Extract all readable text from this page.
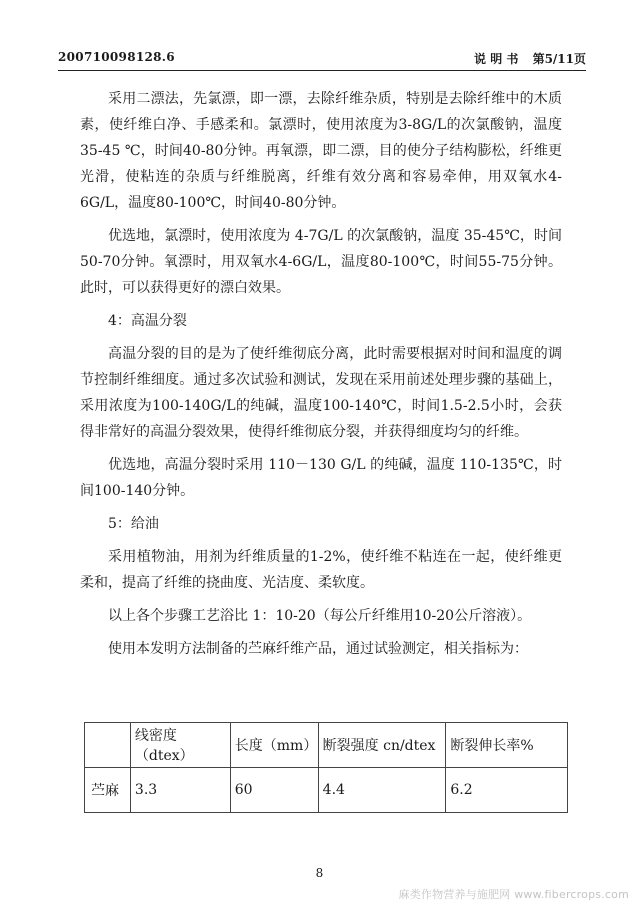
200710098128.6	说 明 书 第5/11页

采用二漂法，先氯漂，即一漂，去除纤维杂质，特别是去除纤维中的木质素，使纤维白净、手感柔和。氯漂时，使用浓度为3-8G/L的次氯酸钠，温度35-45 ℃，时间40-80分钟。再氧漂，即二漂，目的使分子结构膨松，纤维更光滑，使粘连的杂质与纤维脱离，纤维有效分离和容易牵伸，用双氧水4-6G/L，温度80-100℃，时间40-80分钟。

优选地，氯漂时，使用浓度为 4-7G/L 的次氯酸钠，温度 35-45℃，时间50-70分钟。氧漂时，用双氧水4-6G/L，温度80-100℃，时间55-75分钟。此时，可以获得更好的漂白效果。

4：高温分裂

高温分裂的目的是为了使纤维彻底分离，此时需要根据对时间和温度的调节控制纤维细度。通过多次试验和测试，发现在采用前述处理步骤的基础上，采用浓度为100-140G/L的纯碱，温度100-140℃，时间1.5-2.5小时，会获得非常好的高温分裂效果，使得纤维彻底分裂，并获得细度均匀的纤维。

优选地，高温分裂时采用 110－130 G/L 的纯碱，温度 110-135℃，时间100-140分钟。

5：给油

采用植物油，用剂为纤维质量的1-2%，使纤维不粘连在一起，使纤维更柔和，提高了纤维的挠曲度、光洁度、柔软度。

以上各个步骤工艺浴比 1：10-20（每公斤纤维用10-20公斤溶液）。

使用本发明方法制备的苎麻纤维产品，通过试验测定，相关指标为：

	线密度（dtex）	长度（mm）	断裂强度 cn/dtex	断裂伸长率%
苎麻	3.3	60	4.4	6.2
8
麻类作物营养与施肥网 www.fibercrops.com
